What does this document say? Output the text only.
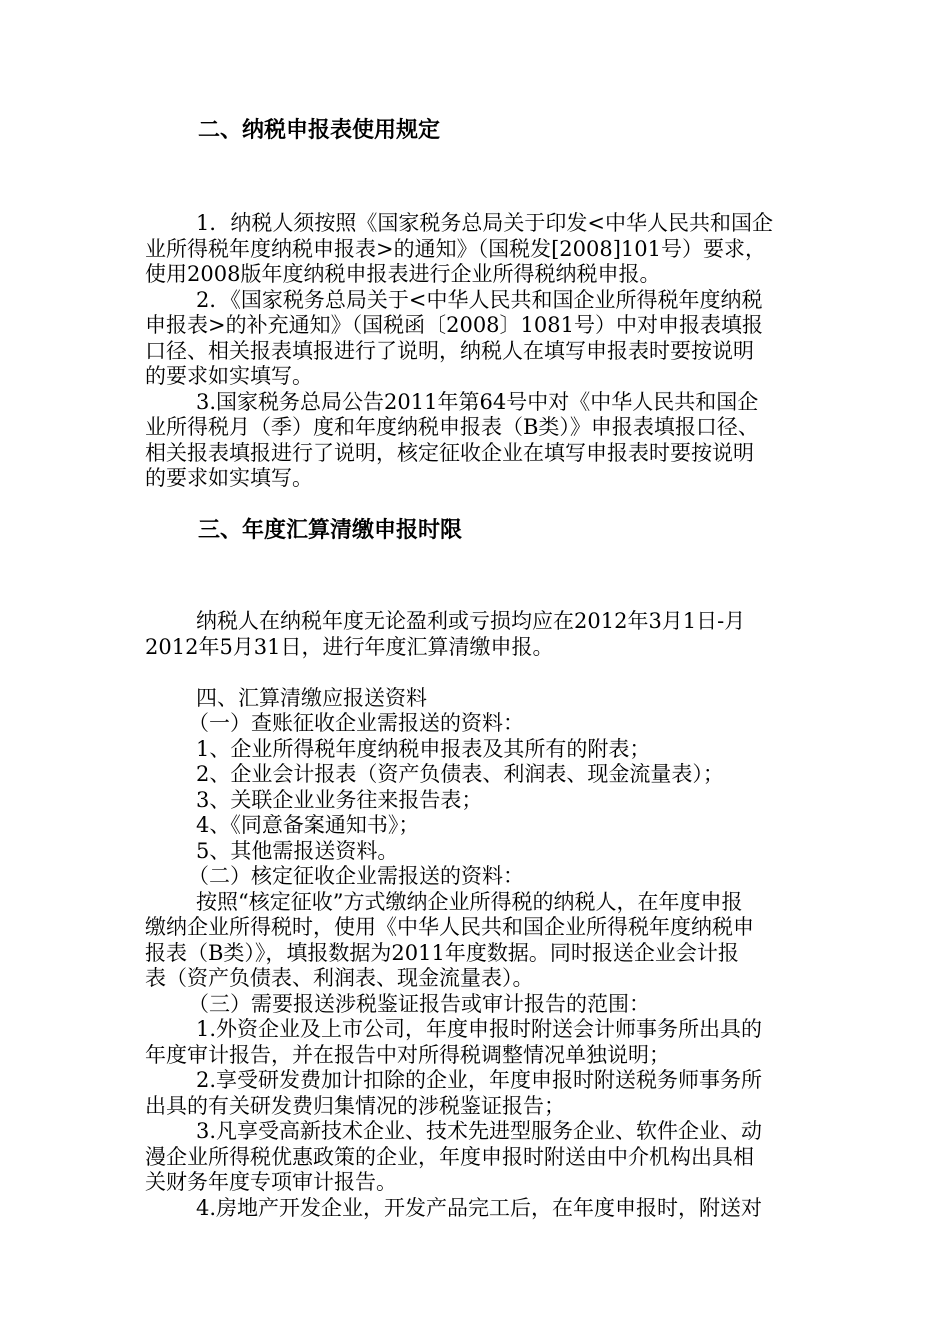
二、纳税申报表使用规定
1．纳税人须按照《国家税务总局关于印发<中华人民共和国企
业所得税年度纳税申报表>的通知》（国税发[2008]101号）要求，
使用2008版年度纳税申报表进行企业所得税纳税申报。
2．《国家税务总局关于<中华人民共和国企业所得税年度纳税
申报表>的补充通知》（国税函〔2008〕1081号）中对申报表填报
口径、相关报表填报进行了说明，纳税人在填写申报表时要按说明
的要求如实填写。
3.国家税务总局公告2011年第64号中对《中华人民共和国企
业所得税月（季）度和年度纳税申报表（B类）》申报表填报口径、
相关报表填报进行了说明，核定征收企业在填写申报表时要按说明
的要求如实填写。
三、年度汇算清缴申报时限
纳税人在纳税年度无论盈利或亏损均应在2012年3月1日-月
2012年5月31日，进行年度汇算清缴申报。
四、汇算清缴应报送资料
（一）查账征收企业需报送的资料：
1、企业所得税年度纳税申报表及其所有的附表；
2、企业会计报表（资产负债表、利润表、现金流量表）；
3、关联企业业务往来报告表；
4、《同意备案通知书》；
5、其他需报送资料。
（二）核定征收企业需报送的资料：
按照“核定征收”方式缴纳企业所得税的纳税人，在年度申报
缴纳企业所得税时，使用《中华人民共和国企业所得税年度纳税申
报表（B类）》，填报数据为2011年度数据。同时报送企业会计报
表（资产负债表、利润表、现金流量表）。
（三）需要报送涉税鉴证报告或审计报告的范围：
1.外资企业及上市公司，年度申报时附送会计师事务所出具的
年度审计报告，并在报告中对所得税调整情况单独说明；
2.享受研发费加计扣除的企业，年度申报时附送税务师事务所
出具的有关研发费归集情况的涉税鉴证报告；
3.凡享受高新技术企业、技术先进型服务企业、软件企业、动
漫企业所得税优惠政策的企业，年度申报时附送由中介机构出具相
关财务年度专项审计报告。
4.房地产开发企业，开发产品完工后，在年度申报时，附送对
